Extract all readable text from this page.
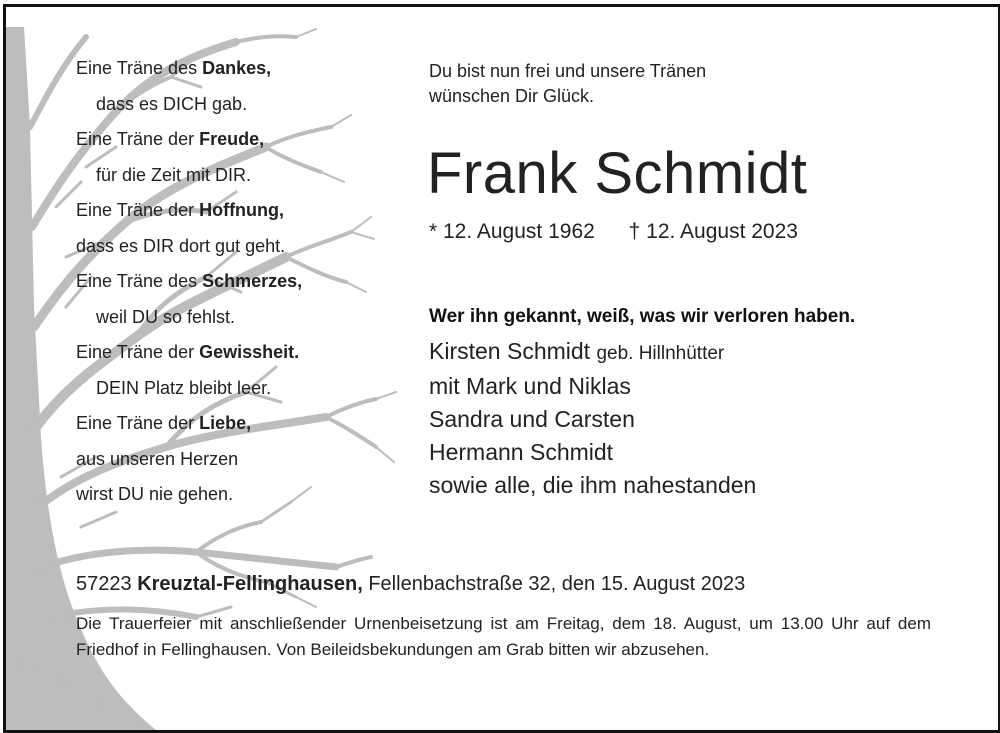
Eine Träne des Dankes,
dass es DICH gab.
Eine Träne der Freude,
für die Zeit mit DIR.
Eine Träne der Hoffnung,
dass es DIR dort gut geht.
Eine Träne des Schmerzes,
weil DU so fehlst.
Eine Träne der Gewissheit.
DEIN Platz bleibt leer.
Eine Träne der Liebe,
aus unseren Herzen
wirst DU nie gehen.
Du bist nun frei und unsere Tränen
wünschen Dir Glück.
Frank Schmidt
* 12. August 1962 † 12. August 2023
Wer ihn gekannt, weiß, was wir verloren haben.
Kirsten Schmidt geb. Hillnhütter
mit Mark und Niklas
Sandra und Carsten
Hermann Schmidt
sowie alle, die ihm nahestanden
57223 Kreuztal-Fellinghausen, Fellenbachstraße 32, den 15. August 2023
Die Trauerfeier mit anschließender Urnenbeisetzung ist am Freitag, dem 18. August, um 13.00 Uhr auf dem Friedhof in Fellinghausen. Von Beileidsbekundungen am Grab bitten wir abzusehen.
